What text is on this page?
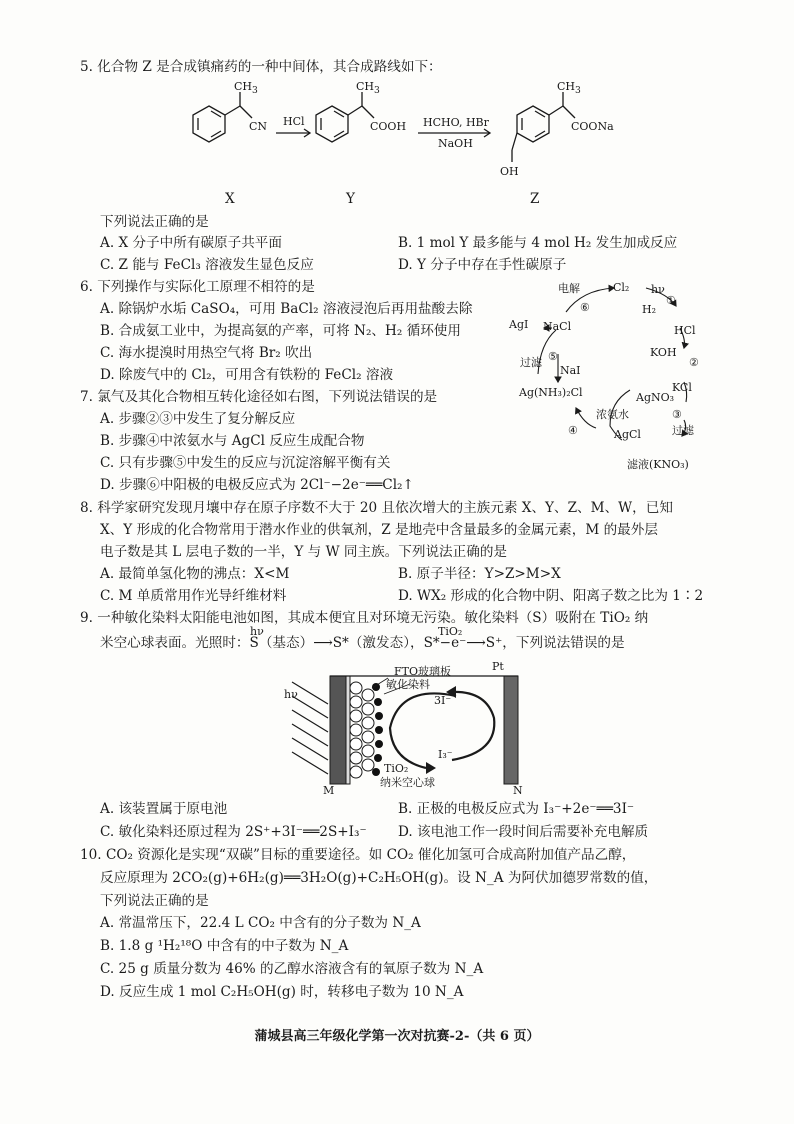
5. 化合物 Z 是合成镇痛药的一种中间体，其合成路线如下：
$CH_3$
CN HCl
$CH_3$
COOH HCHO, HBr
NaOH
$CH_3$
COONa
OH
X	Y	Z
下列说法正确的是
A. X 分子中所有碳原子共平面	B. 1 mol Y 最多能与 4 mol H₂ 发生加成反应
C. Z 能与 FeCl₃ 溶液发生显色反应	D. Y 分子中存在手性碳原子
6. 下列操作与实际化工原理不相符的是
A. 除锅炉水垢 CaSO₄，可用 BaCl₂ 溶液浸泡后再用盐酸去除
B. 合成氨工业中，为提高氨的产率，可将 N₂、H₂ 循环使用
C. 海水提溴时用热空气将 Br₂ 吹出
D. 除废气中的 Cl₂，可用含有铁粉的 FeCl₂ 溶液
7. 氯气及其化合物相互转化途径如右图，下列说法错误的是
A. 步骤②③中发生了复分解反应
B. 步骤④中浓氨水与 AgCl 反应生成配合物
C. 只有步骤⑤中发生的反应与沉淀溶解平衡有关
D. 步骤⑥中阳极的电极反应式为 2Cl⁻−2e⁻══Cl₂↑
电解	Cl₂ hν
①
H₂
HCl
KOH
②
KCl
AgNO₃
③
过滤
AgCl
浓氨水
④
滤液(KNO₃)
Ag(NH₃)₂Cl
过滤 ⑤
NaI
AgI NaCl
⑥
8. 科学家研究发现月壤中存在原子序数不大于 20 且依次增大的主族元素 X、Y、Z、M、W，已知
X、Y 形成的化合物常用于潜水作业的供氧剂，Z 是地壳中含量最多的金属元素，M 的最外层
电子数是其 L 层电子数的一半，Y 与 W 同主族。下列说法正确的是
A. 最简单氢化物的沸点：X<M	B. 原子半径：Y>Z>M>X
C. M 单质常用作光导纤维材料	D. WX₂ 形成的化合物中阴、阳离子数之比为 1∶2
9. 一种敏化染料太阳能电池如图，其成本便宜且对环境无污染。敏化染料（S）吸附在 TiO₂ 纳
米空心球表面。光照时：S（基态）⟶S*（激发态），S*−e⁻⟶S⁺，下列说法错误的是
hν	TiO₂
FTO玻璃板
敏化染料
Pt
hν	3I⁻
I₃⁻
TiO₂
纳米空心球
M	N
A. 该装置属于原电池	B. 正极的电极反应式为 I₃⁻+2e⁻══3I⁻
C. 敏化染料还原过程为 2S⁺+3I⁻══2S+I₃⁻ D. 该电池工作一段时间后需要补充电解质
10. CO₂ 资源化是实现“双碳”目标的重要途径。如 CO₂ 催化加氢可合成高附加值产品乙醇，
反应原理为 2CO₂(g)+6H₂(g)══3H₂O(g)+C₂H₅OH(g)。设 N_A 为阿伏加德罗常数的值，
下列说法正确的是
A. 常温常压下，22.4 L CO₂ 中含有的分子数为 N_A
B. 1.8 g ¹H₂¹⁸O 中含有的中子数为 N_A
C. 25 g 质量分数为 46% 的乙醇水溶液含有的氧原子数为 N_A
D. 反应生成 1 mol C₂H₅OH(g) 时，转移电子数为 10 N_A
蒲城县高三年级化学第一次对抗赛-2-（共 6 页）
